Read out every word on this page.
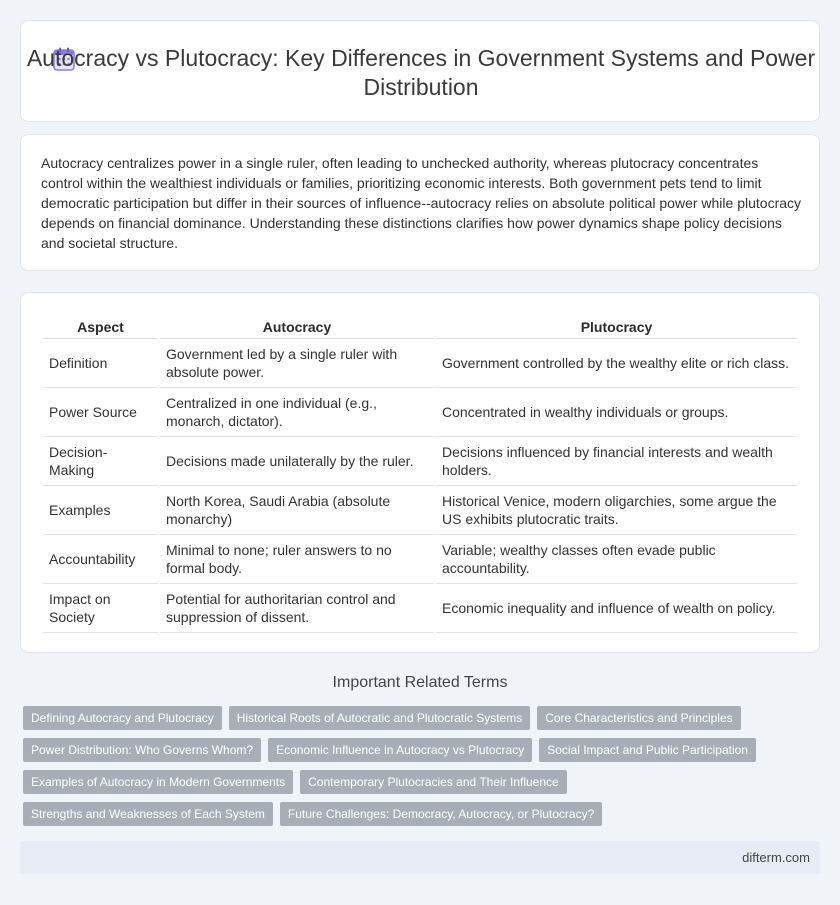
Autocracy vs Plutocracy: Key Differences in Government Systems and Power Distribution

Autocracy centralizes power in a single ruler, often leading to unchecked authority, whereas plutocracy concentrates control within the wealthiest individuals or families, prioritizing economic interests. Both government pets tend to limit democratic participation but differ in their sources of influence--autocracy relies on absolute political power while plutocracy depends on financial dominance. Understanding these distinctions clarifies how power dynamics shape policy decisions and societal structure.

Aspect	Autocracy	Plutocracy
Definition	Government led by a single ruler with absolute power.	Government controlled by the wealthy elite or rich class.
Power Source	Centralized in one individual (e.g., monarch, dictator).	Concentrated in wealthy individuals or groups.
Decision-Making	Decisions made unilaterally by the ruler.	Decisions influenced by financial interests and wealth holders.
Examples	North Korea, Saudi Arabia (absolute monarchy)	Historical Venice, modern oligarchies, some argue the US exhibits plutocratic traits.
Accountability	Minimal to none; ruler answers to no formal body.	Variable; wealthy classes often evade public accountability.
Impact on Society	Potential for authoritarian control and suppression of dissent.	Economic inequality and influence of wealth on policy.
Important Related Terms
Defining Autocracy and Plutocracy	Historical Roots of Autocratic and Plutocratic Systems	Core Characteristics and Principles
Power Distribution: Who Governs Whom?	Economic Influence in Autocracy vs Plutocracy	Social Impact and Public Participation
Examples of Autocracy in Modern Governments	Contemporary Plutocracies and Their Influence
Strengths and Weaknesses of Each System	Future Challenges: Democracy, Autocracy, or Plutocracy?
difterm.com
